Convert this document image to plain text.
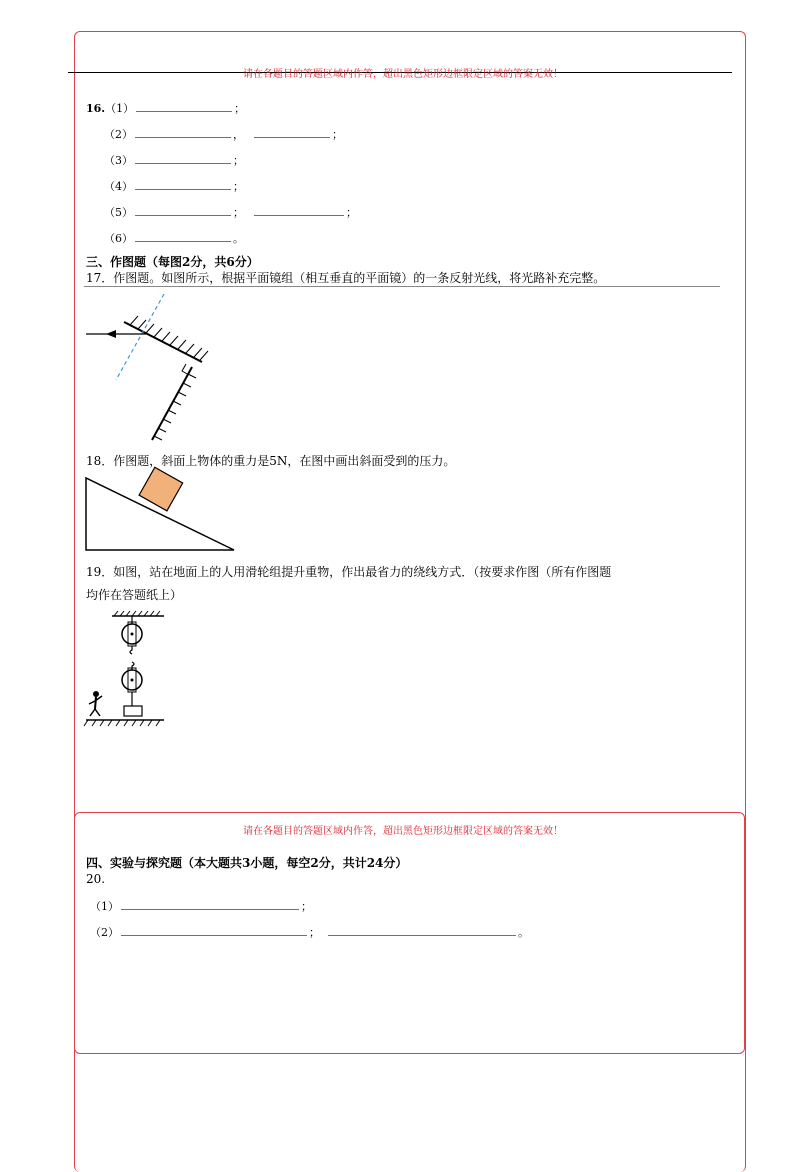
请在各题目的答题区域内作答，超出黑色矩形边框限定区域的答案无效！
16.（1）	；
（2）	，	；
（3）	；
（4）	；
（5）	；	；
（6）	。
三、作图题（每图2分，共6分）
17．作图题。如图所示，根据平面镜组（相互垂直的平面镜）的一条反射光线，将光路补充完整。
18．作图题，斜面上物体的重力是5N，在图中画出斜面受到的压力。
19．如图，站在地面上的人用滑轮组提升重物，作出最省力的绕线方式．（按要求作图（所有作图题
均作在答题纸上）
请在各题目的答题区域内作答，超出黑色矩形边框限定区域的答案无效！
四、实验与探究题（本大题共3小题，每空2分，共计24分）
20.
（1）	；
（2）	；	。
